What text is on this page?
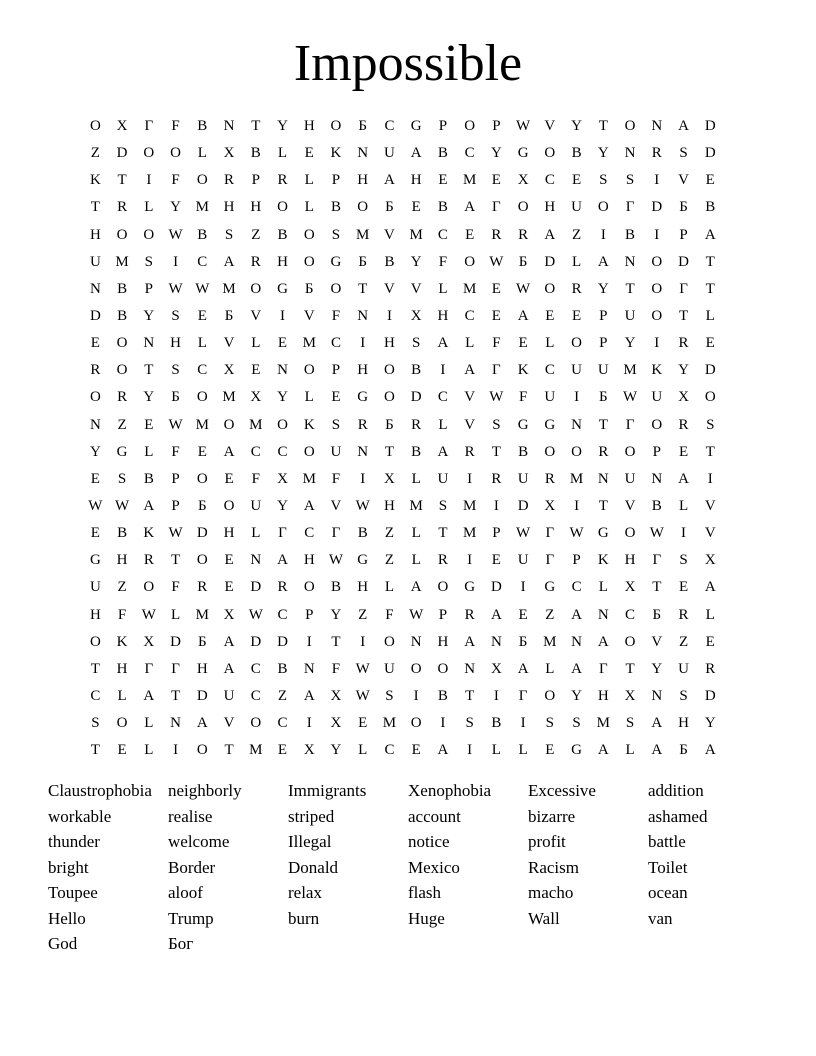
Impossible
O	X	Г	F	B	N	T	Y	H	O	Б	C	G	P	O	P	W V	Y	T	O	N	A	D
Z	D	O	O	L	X	B	L	E	K	N	U	A	B	C	Y	G	O	B	Y	N	R	S	D
K	T	I	F	O	R	P	R	L	P	H	A	H	E	M	E	X	C	E	S	S	I	V	E
T	R	L	Y M H	H	O	L	B	O	Б	E	B	A	Г	O	H	U	O	Г	D	Б	B
H	O	O W B	S	Z	B	O	S	M V M	C	E	R	R	A	Z	I	B	I	P	A
U M	S	I	C	A	R	H	O	G	Б	B	Y	F	O W	Б	D	L	A	N	O	D	T
N	B	P	W W M O	G	Б	O	T	V	V	L	M	E	W O	R	Y	T	O	Г	T
D	B	Y	S	E	Б	V	I	V	F	N	I	X	H	C	E	A	E	E	P	U	O	T	L
E	O	N	H	L	V	L	E	M	C	I	H	S	A	L	F	E	L	O	P	Y	I	R	E
R	O	T	S	C	X	E	N	O	P	H	O	B	I	A	Г	K	C	U	U M K	Y	D
O	R	Y	Б	O M X	Y	L	E	G	O	D	C	V W	F	U	I	Б	W U	X	O
N	Z	E	W M O M O	K	S	R	Б	R	L	V	S	G	G	N	T	Г	O	R	S
Y	G	L	F	E	A	C	C	O	U	N	T	B	A	R	T	B	O	O	R	O	P	E	T
E	S	B	P	O	E	F	X M	F	I	X	L	U	I	R	U	R	M N	U	N	A	I
W W A	P	Б	O	U	Y	A	V W H M	S	M	I	D	X	I	T	V	B	L	V
E	B	K W D	H	L	Г	C	Г	B	Z	L	T	M	P	W	Г	W G	O W	I	V
G	H	R	T	O	E	N	A	H W G	Z	L	R	I	E	U	Г	P	K	H	Г	S	X
U	Z	O	F	R	E	D	R	O	B	H	L	A	O	G	D	I	G	C	L	X	T	E	A
H	F	W	L	M X W C	P	Y	Z	F	W	P	R	A	E	Z	A	N	C	Б	R	L
O	K	X	D	Б	A	D	D	I	T	I	O	N	H	A	N	Б	M N	A	O	V	Z	E
T	H	Г	Г	H	A	C	B	N	F	W U	O	O	N	X	A	L	A	Г	T	Y	U	R
C	L	A	T	D	U	C	Z	A	X W	S	I	B	T	I	Г	O	Y	H	X	N	S	D
S	O	L	N	A	V	O	C	I	X	E	M O	I	S	B	I	S	S	M	S	A	H	Y
T	E	L	I	O	T	M	E	X	Y	L	C	E	A	I	L	L	E	G	A	L	A	Б	A
Claustrophobia neighborly	Immigrants	Xenophobia	Excessive	addition
workable	realise	striped	account	bizarre	ashamed
thunder	welcome	Illegal	notice	profit	battle
bright	Border	Donald	Mexico	Racism	Toilet
Toupee	aloof	relax	flash	macho	ocean
Hello	Trump	burn	Huge	Wall	van
God	Бог
